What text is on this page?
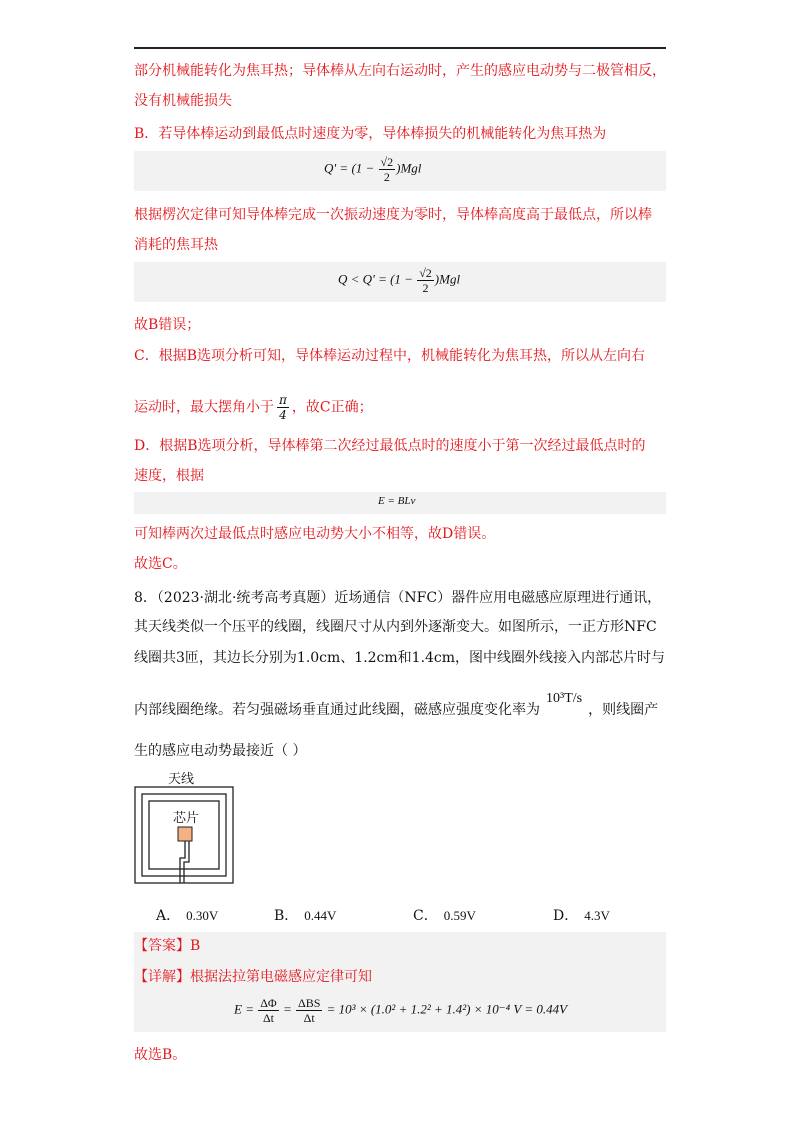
部分机械能转化为焦耳热；导体棒从左向右运动时，产生的感应电动势与二极管相反，
没有机械能损失
B．若导体棒运动到最低点时速度为零，导体棒损失的机械能转化为焦耳热为
$Q' = (1 - \frac{√2}{2} )Mgl$
根据楞次定律可知导体棒完成一次振动速度为零时，导体棒高度高于最低点，所以棒
消耗的焦耳热
$Q < Q' = (1 - \frac{√2}{2} )Mgl$
故B错误；
C．根据B选项分析可知，导体棒运动过程中，机械能转化为焦耳热，所以从左向右
运动时，最大摆角小于 $\frac{\pi}{4}$ ，故C正确；
D．根据B选项分析，导体棒第二次经过最低点时的速度小于第一次经过最低点时的
速度，根据
E = BLv
可知棒两次过最低点时感应电动势大小不相等，故D错误。
故选C。
8．（2023·湖北·统考高考真题）近场通信（NFC）器件应用电磁感应原理进行通讯，
其天线类似一个压平的线圈，线圈尺寸从内到外逐渐变大。如图所示，一正方形NFC
线圈共3匝，其边长分别为1.0cm、1.2cm和1.4cm，图中线圈外线接入内部芯片时与
内部线圈绝缘。若匀强磁场垂直通过此线圈，磁感应强度变化率为10³T/s，则线圈产
生的感应电动势最接近（ ）
天线
芯片
A． 0.30V	B． 0.44V	C． 0.59V	D． 4.3V
【答案】B
【详解】根据法拉第电磁感应定律可知
$E = \frac{\Delta\Phi}{\Delta t} = \frac{\text{ΔBS}}{\Delta t} = 10^3 \times (1.0^2 + 1.2^2 + 1.4^2) \times 10^{-4}$ V = 0.44V
故选B。
